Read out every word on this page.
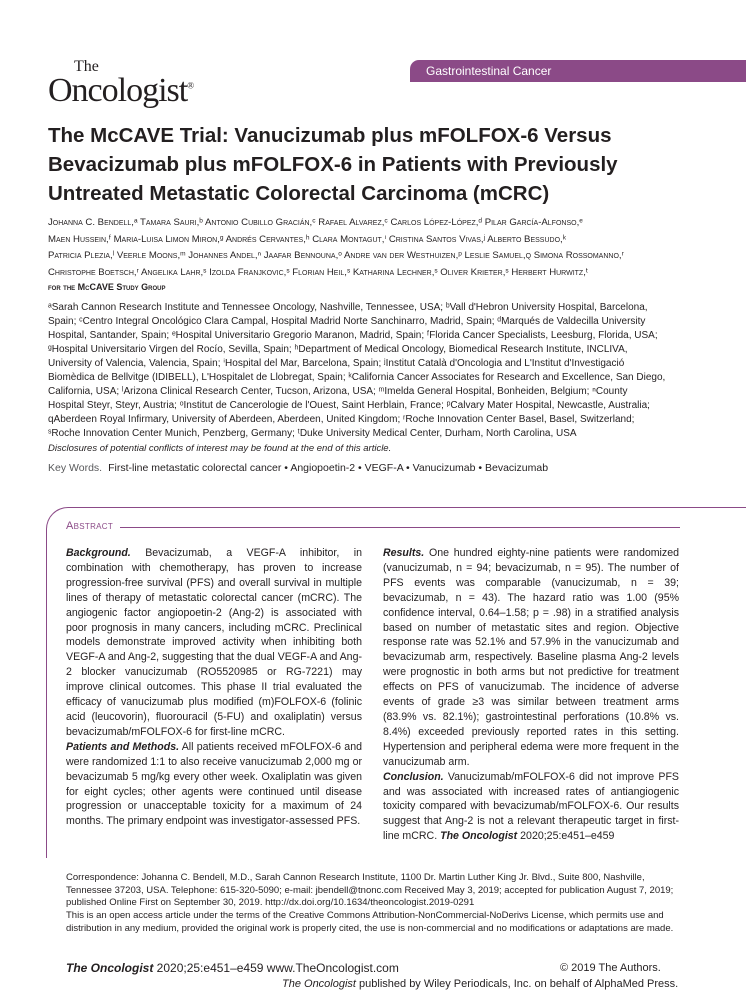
The
Oncologist®
Gastrointestinal Cancer
The McCAVE Trial: Vanucizumab plus mFOLFOX-6 Versus Bevacizumab plus mFOLFOX-6 in Patients with Previously Untreated Metastatic Colorectal Carcinoma (mCRC)
Johanna C. Bendell,ᵃ Tamara Sauri,ᵇ Antonio Cubillo Gracián,ᶜ Rafael Alvarez,ᶜ Carlos López-López,ᵈ Pilar García-Alfonso,ᵉ
Maen Hussein,ᶠ Maria-Luisa Limon Miron,ᵍ Andrés Cervantes,ʰ Clara Montagut,ⁱ Cristina Santos Vivas,ʲ Alberto Bessudo,ᵏ
Patricia Plezia,ˡ Veerle Moons,ᵐ Johannes Andel,ⁿ Jaafar Bennouna,ᵒ Andre van der Westhuizen,ᵖ Leslie Samuel,q Simona Rossomanno,ʳ
Christophe Boetsch,ʳ Angelika Lahr,ˢ Izolda Franjkovic,ˢ Florian Heil,ˢ Katharina Lechner,ˢ Oliver Krieter,ˢ Herbert Hurwitz,ᵗ
for the McCAVE Study Group
ᵃSarah Cannon Research Institute and Tennessee Oncology, Nashville, Tennessee, USA; ᵇVall d'Hebron University Hospital, Barcelona,
Spain; ᶜCentro Integral Oncológico Clara Campal, Hospital Madrid Norte Sanchinarro, Madrid, Spain; ᵈMarqués de Valdecilla University
Hospital, Santander, Spain; ᵉHospital Universitario Gregorio Maranon, Madrid, Spain; ᶠFlorida Cancer Specialists, Leesburg, Florida, USA;
ᵍHospital Universitario Virgen del Rocío, Sevilla, Spain; ʰDepartment of Medical Oncology, Biomedical Research Institute, INCLIVA,
University of Valencia, Valencia, Spain; ⁱHospital del Mar, Barcelona, Spain; ʲInstitut Català d'Oncologia and L'Institut d'Investigació
Biomèdica de Bellvitge (IDIBELL), L'Hospitalet de Llobregat, Spain; ᵏCalifornia Cancer Associates for Research and Excellence, San Diego,
California, USA; ˡArizona Clinical Research Center, Tucson, Arizona, USA; ᵐImelda General Hospital, Bonheiden, Belgium; ⁿCounty
Hospital Steyr, Steyr, Austria; ᵒInstitut de Cancerologie de l'Ouest, Saint Herblain, France; ᵖCalvary Mater Hospital, Newcastle, Australia;
qAberdeen Royal Infirmary, University of Aberdeen, Aberdeen, United Kingdom; ʳRoche Innovation Center Basel, Basel, Switzerland;
ˢRoche Innovation Center Munich, Penzberg, Germany; ᵗDuke University Medical Center, Durham, North Carolina, USA
Disclosures of potential conflicts of interest may be found at the end of this article.
Key Words. First-line metastatic colorectal cancer • Angiopoetin-2 • VEGF-A • Vanucizumab • Bevacizumab
Abstract

Background. Bevacizumab, a VEGF-A inhibitor, in combination with chemotherapy, has proven to increase progression-free survival (PFS) and overall survival in multiple lines of therapy of metastatic colorectal cancer (mCRC). The angiogenic factor angiopoetin-2 (Ang-2) is associated with poor prognosis in many cancers, including mCRC. Preclinical models demonstrate improved activity when inhibiting both VEGF-A and Ang-2, suggesting that the dual VEGF-A and Ang-2 blocker vanucizumab (RO5520985 or RG-7221) may improve clinical outcomes. This phase II trial evaluated the efficacy of vanucizumab plus modified (m)FOLFOX-6 (folinic acid (leucovorin), fluorouracil (5-FU) and oxaliplatin) versus bevacizumab/mFOLFOX-6 for first-line mCRC.

Patients and Methods. All patients received mFOLFOX-6 and were randomized 1:1 to also receive vanucizumab 2,000 mg or bevacizumab 5 mg/kg every other week. Oxaliplatin was given for eight cycles; other agents were continued until disease progression or unacceptable toxicity for a maximum of 24 months. The primary endpoint was investigator-assessed PFS.

Results. One hundred eighty-nine patients were randomized (vanucizumab, n = 94; bevacizumab, n = 95). The number of PFS events was comparable (vanucizumab, n = 39; bevacizumab, n = 43). The hazard ratio was 1.00 (95% confidence interval, 0.64–1.58; p = .98) in a stratified analysis based on number of metastatic sites and region. Objective response rate was 52.1% and 57.9% in the vanucizumab and bevacizumab arm, respectively. Baseline plasma Ang-2 levels were prognostic in both arms but not predictive for treatment effects on PFS of vanucizumab. The incidence of adverse events of grade ≥3 was similar between treatment arms (83.9% vs. 82.1%); gastrointestinal perforations (10.8% vs. 8.4%) exceeded previously reported rates in this setting. Hypertension and peripheral edema were more frequent in the vanucizumab arm.

Conclusion. Vanucizumab/mFOLFOX-6 did not improve PFS and was associated with increased rates of antiangiogenic toxicity compared with bevacizumab/mFOLFOX-6. Our results suggest that Ang-2 is not a relevant therapeutic target in first-line mCRC. The Oncologist 2020;25:e451–e459

Correspondence: Johanna C. Bendell, M.D., Sarah Cannon Research Institute, 1100 Dr. Martin Luther King Jr. Blvd., Suite 800, Nashville, Tennessee 37203, USA. Telephone: 615-320-5090; e-mail: jbendell@tnonc.com Received May 3, 2019; accepted for publication August 7, 2019; published Online First on September 30, 2019. http://dx.doi.org/10.1634/theoncologist.2019-0291
This is an open access article under the terms of the Creative Commons Attribution-NonCommercial-NoDerivs License, which permits use and distribution in any medium, provided the original work is properly cited, the use is non-commercial and no modifications or adaptations are made.
The Oncologist 2020;25:e451–e459 www.TheOncologist.com	© 2019 The Authors.
The Oncologist published by Wiley Periodicals, Inc. on behalf of AlphaMed Press.
